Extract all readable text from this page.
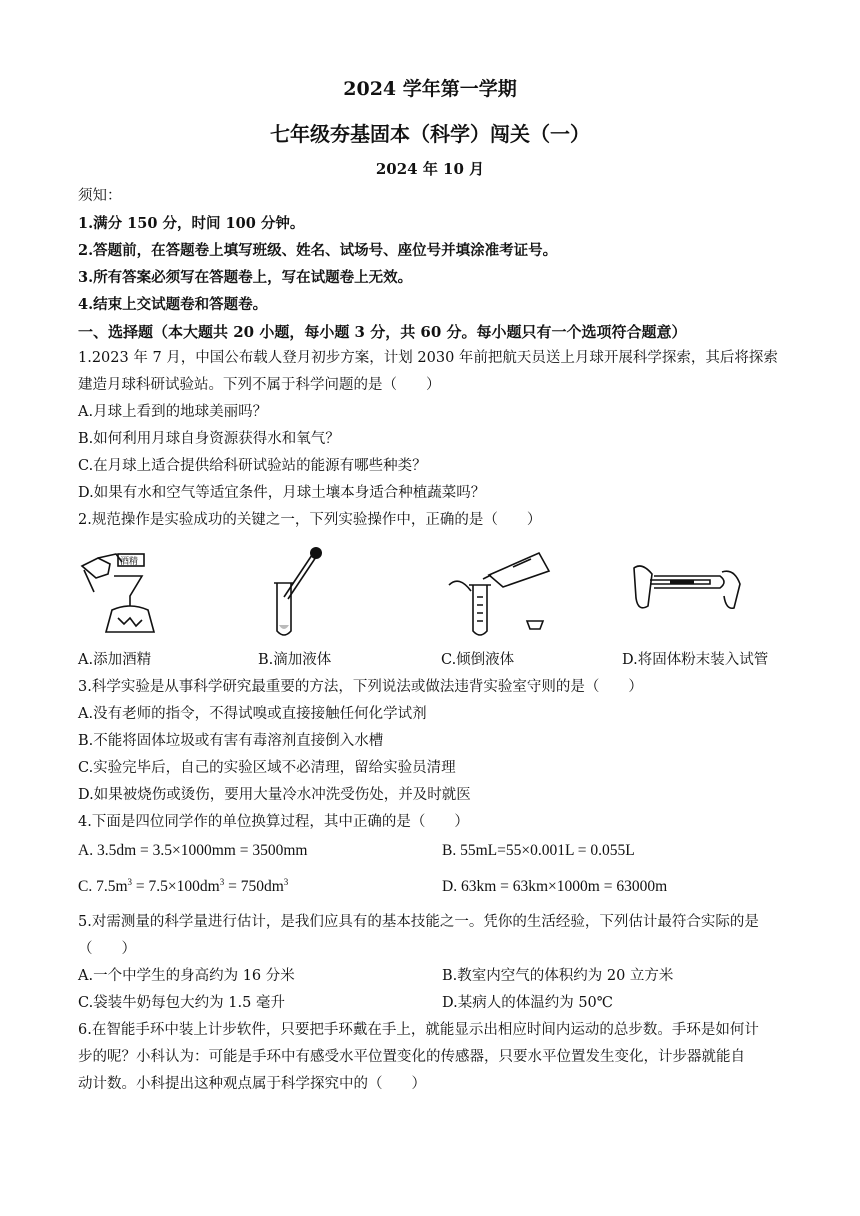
2024 学年第一学期
七年级夯基固本（科学）闯关（一）
2024 年 10 月
须知：
1.满分 150 分，时间 100 分钟。
2.答题前，在答题卷上填写班级、姓名、试场号、座位号并填涂准考证号。
3.所有答案必须写在答题卷上，写在试题卷上无效。
4.结束上交试题卷和答题卷。
一、选择题（本大题共 20 小题，每小题 3 分，共 60 分。每小题只有一个选项符合题意）
1.2023 年 7 月，中国公布载人登月初步方案，计划 2030 年前把航天员送上月球开展科学探索，其后将探索
建造月球科研试验站。下列不属于科学问题的是（　　）
A.月球上看到的地球美丽吗？
B.如何利用月球自身资源获得水和氧气？
C.在月球上适合提供给科研试验站的能源有哪些种类？
D.如果有水和空气等适宜条件，月球土壤本身适合种植蔬菜吗？
2.规范操作是实验成功的关键之一，下列实验操作中，正确的是（　　）
酒精
A.添加酒精	B.滴加液体	C.倾倒液体	D.将固体粉末装入试管
3.科学实验是从事科学研究最重要的方法，下列说法或做法违背实验室守则的是（　　）
A.没有老师的指令，不得试嗅或直接接触任何化学试剂
B.不能将固体垃圾或有害有毒溶剂直接倒入水槽
C.实验完毕后，自己的实验区域不必清理，留给实验员清理
D.如果被烧伤或烫伤，要用大量冷水冲洗受伤处，并及时就医
4.下面是四位同学作的单位换算过程，其中正确的是（　　）
A. 3.5dm = 3.5×1000mm = 3500mm	B. 55mL=55×0.001L = 0.055L
C. $7.5m^3 = 7.5\times 100dm^3 = 750dm^3$	D. 63km = 63km×1000m = 63000m
5.对需测量的科学量进行估计，是我们应具有的基本技能之一。凭你的生活经验，下列估计最符合实际的是
（　　）
A.一个中学生的身高约为 16 分米	B.教室内空气的体积约为 20 立方米
C.袋装牛奶每包大约为 1.5 毫升	D.某病人的体温约为 50℃
6.在智能手环中装上计步软件，只要把手环戴在手上，就能显示出相应时间内运动的总步数。手环是如何计
步的呢？小科认为：可能是手环中有感受水平位置变化的传感器，只要水平位置发生变化，计步器就能自
动计数。小科提出这种观点属于科学探究中的（　　）
